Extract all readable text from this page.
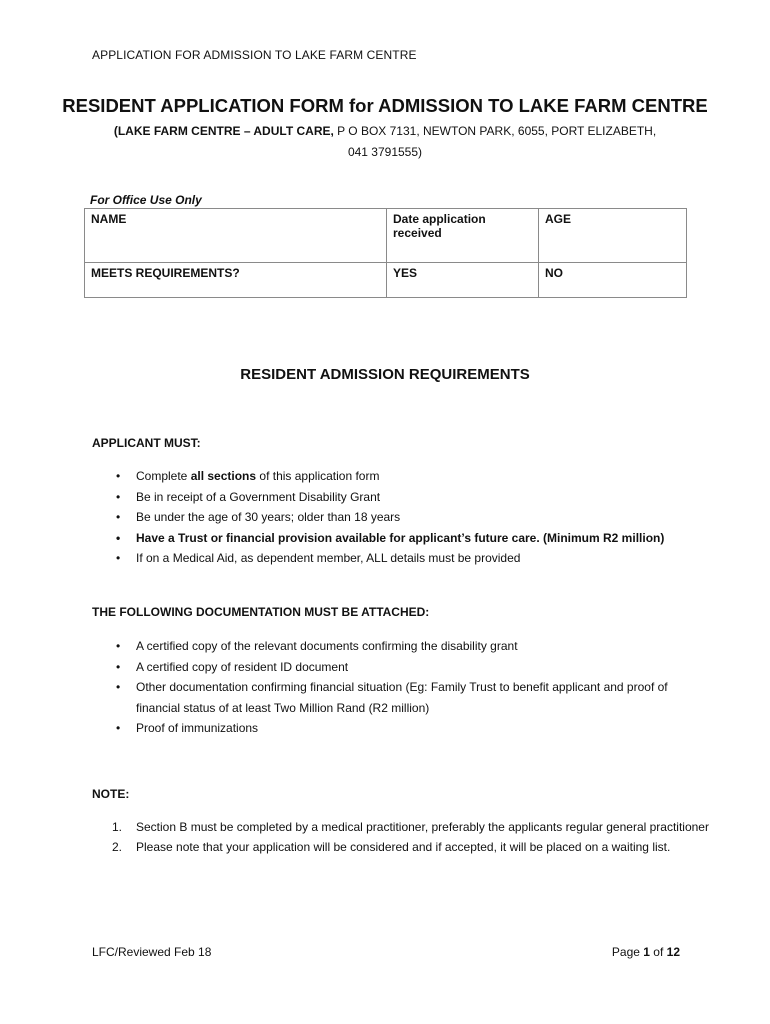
APPLICATION FOR ADMISSION TO LAKE FARM CENTRE
RESIDENT APPLICATION FORM for ADMISSION TO LAKE FARM CENTRE
(LAKE FARM CENTRE – ADULT CARE, P O BOX 7131, NEWTON PARK, 6055, PORT ELIZABETH,
041 3791555)
For Office Use Only
NAME	Date application received	AGE
MEETS REQUIREMENTS?	YES	NO
RESIDENT ADMISSION REQUIREMENTS
APPLICANT MUST:
• Complete all sections of this application form
• Be in receipt of a Government Disability Grant
• Be under the age of 30 years; older than 18 years
• Have a Trust or financial provision available for applicant’s future care. (Minimum R2 million)
• If on a Medical Aid, as dependent member, ALL details must be provided
THE FOLLOWING DOCUMENTATION MUST BE ATTACHED:
• A certified copy of the relevant documents confirming the disability grant
• A certified copy of resident ID document
• Other documentation confirming financial situation (Eg: Family Trust to benefit applicant and proof of financial status of at least Two Million Rand (R2 million)
• Proof of immunizations
NOTE:
1. Section B must be completed by a medical practitioner, preferably the applicants regular general practitioner
2. Please note that your application will be considered and if accepted, it will be placed on a waiting list.
LFC/Reviewed Feb 18	Page 1 of 12
